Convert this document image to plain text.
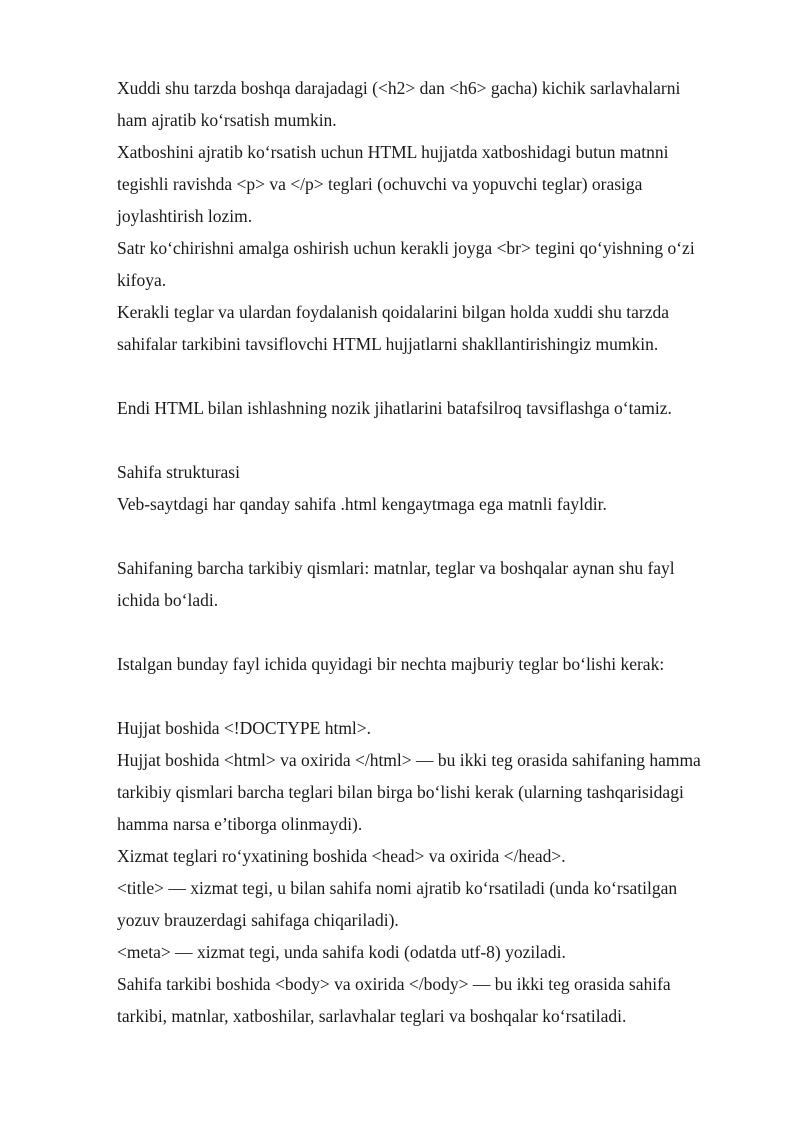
Xuddi shu tarzda boshqa darajadagi (<h2> dan <h6> gacha) kichik sarlavhalarni
ham ajratib ko‘rsatish mumkin.
Xatboshini ajratib ko‘rsatish uchun HTML hujjatda xatboshidagi butun matnni
tegishli ravishda <p> va </p> teglari (ochuvchi va yopuvchi teglar) orasiga
joylashtirish lozim.
Satr ko‘chirishni amalga oshirish uchun kerakli joyga <br> tegini qo‘yishning o‘zi
kifoya.
Kerakli teglar va ulardan foydalanish qoidalarini bilgan holda xuddi shu tarzda
sahifalar tarkibini tavsiflovchi HTML hujjatlarni shakllantirishingiz mumkin.
Endi HTML bilan ishlashning nozik jihatlarini batafsilroq tavsiflashga o‘tamiz.
Sahifa strukturasi
Veb-saytdagi har qanday sahifa .html kengaytmaga ega matnli fayldir.
Sahifaning barcha tarkibiy qismlari: matnlar, teglar va boshqalar aynan shu fayl
ichida bo‘ladi.
Istalgan bunday fayl ichida quyidagi bir nechta majburiy teglar bo‘lishi kerak:
Hujjat boshida <!DOCTYPE html>.
Hujjat boshida <html> va oxirida </html> — bu ikki teg orasida sahifaning hamma
tarkibiy qismlari barcha teglari bilan birga bo‘lishi kerak (ularning tashqarisidagi
hamma narsa e’tiborga olinmaydi).
Xizmat teglari ro‘yxatining boshida <head> va oxirida </head>.
<title> — xizmat tegi, u bilan sahifa nomi ajratib ko‘rsatiladi (unda ko‘rsatilgan
yozuv brauzerdagi sahifaga chiqariladi).
<meta> — xizmat tegi, unda sahifa kodi (odatda utf-8) yoziladi.
Sahifa tarkibi boshida <body> va oxirida </body> — bu ikki teg orasida sahifa
tarkibi, matnlar, xatboshilar, sarlavhalar teglari va boshqalar ko‘rsatiladi.
